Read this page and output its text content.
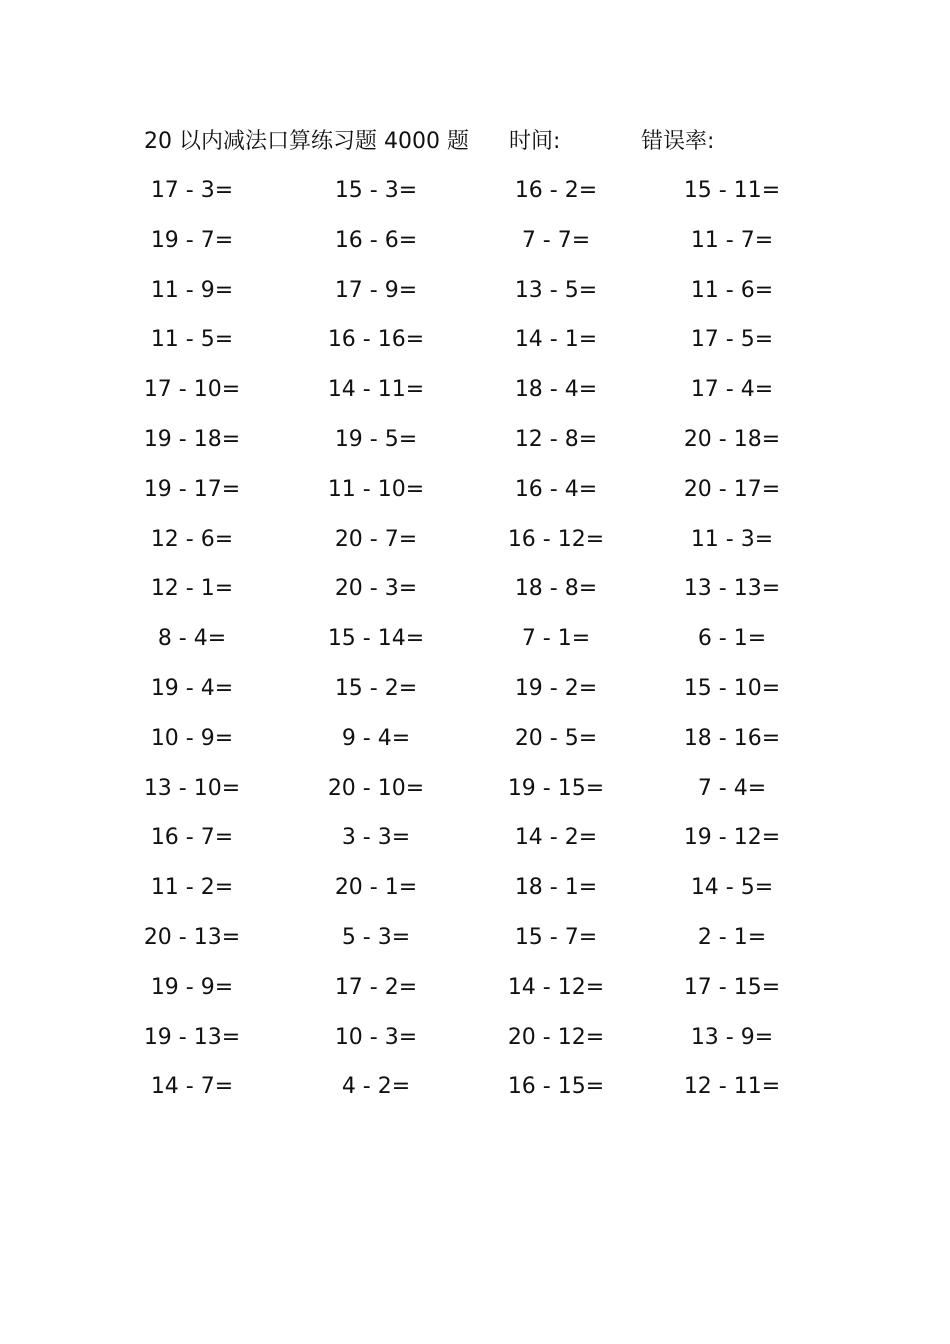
20 以内减法口算练习题 4000 题 时间:	错误率:
17 - 3=	15 - 3=	16 - 2=	15 - 11=
19 - 7=	16 - 6=	7 - 7=	11 - 7=
11 - 9=	17 - 9=	13 - 5=	11 - 6=
11 - 5=	16 - 16=	14 - 1=	17 - 5=
17 - 10=	14 - 11=	18 - 4=	17 - 4=
19 - 18=	19 - 5=	12 - 8=	20 - 18=
19 - 17=	11 - 10=	16 - 4=	20 - 17=
12 - 6=	20 - 7=	16 - 12=	11 - 3=
12 - 1=	20 - 3=	18 - 8=	13 - 13=
8 - 4=	15 - 14=	7 - 1=	6 - 1=
19 - 4=	15 - 2=	19 - 2=	15 - 10=
10 - 9=	9 - 4=	20 - 5=	18 - 16=
13 - 10=	20 - 10=	19 - 15=	7 - 4=
16 - 7=	3 - 3=	14 - 2=	19 - 12=
11 - 2=	20 - 1=	18 - 1=	14 - 5=
20 - 13=	5 - 3=	15 - 7=	2 - 1=
19 - 9=	17 - 2=	14 - 12=	17 - 15=
19 - 13=	10 - 3=	20 - 12=	13 - 9=
14 - 7=	4 - 2=	16 - 15=	12 - 11=
